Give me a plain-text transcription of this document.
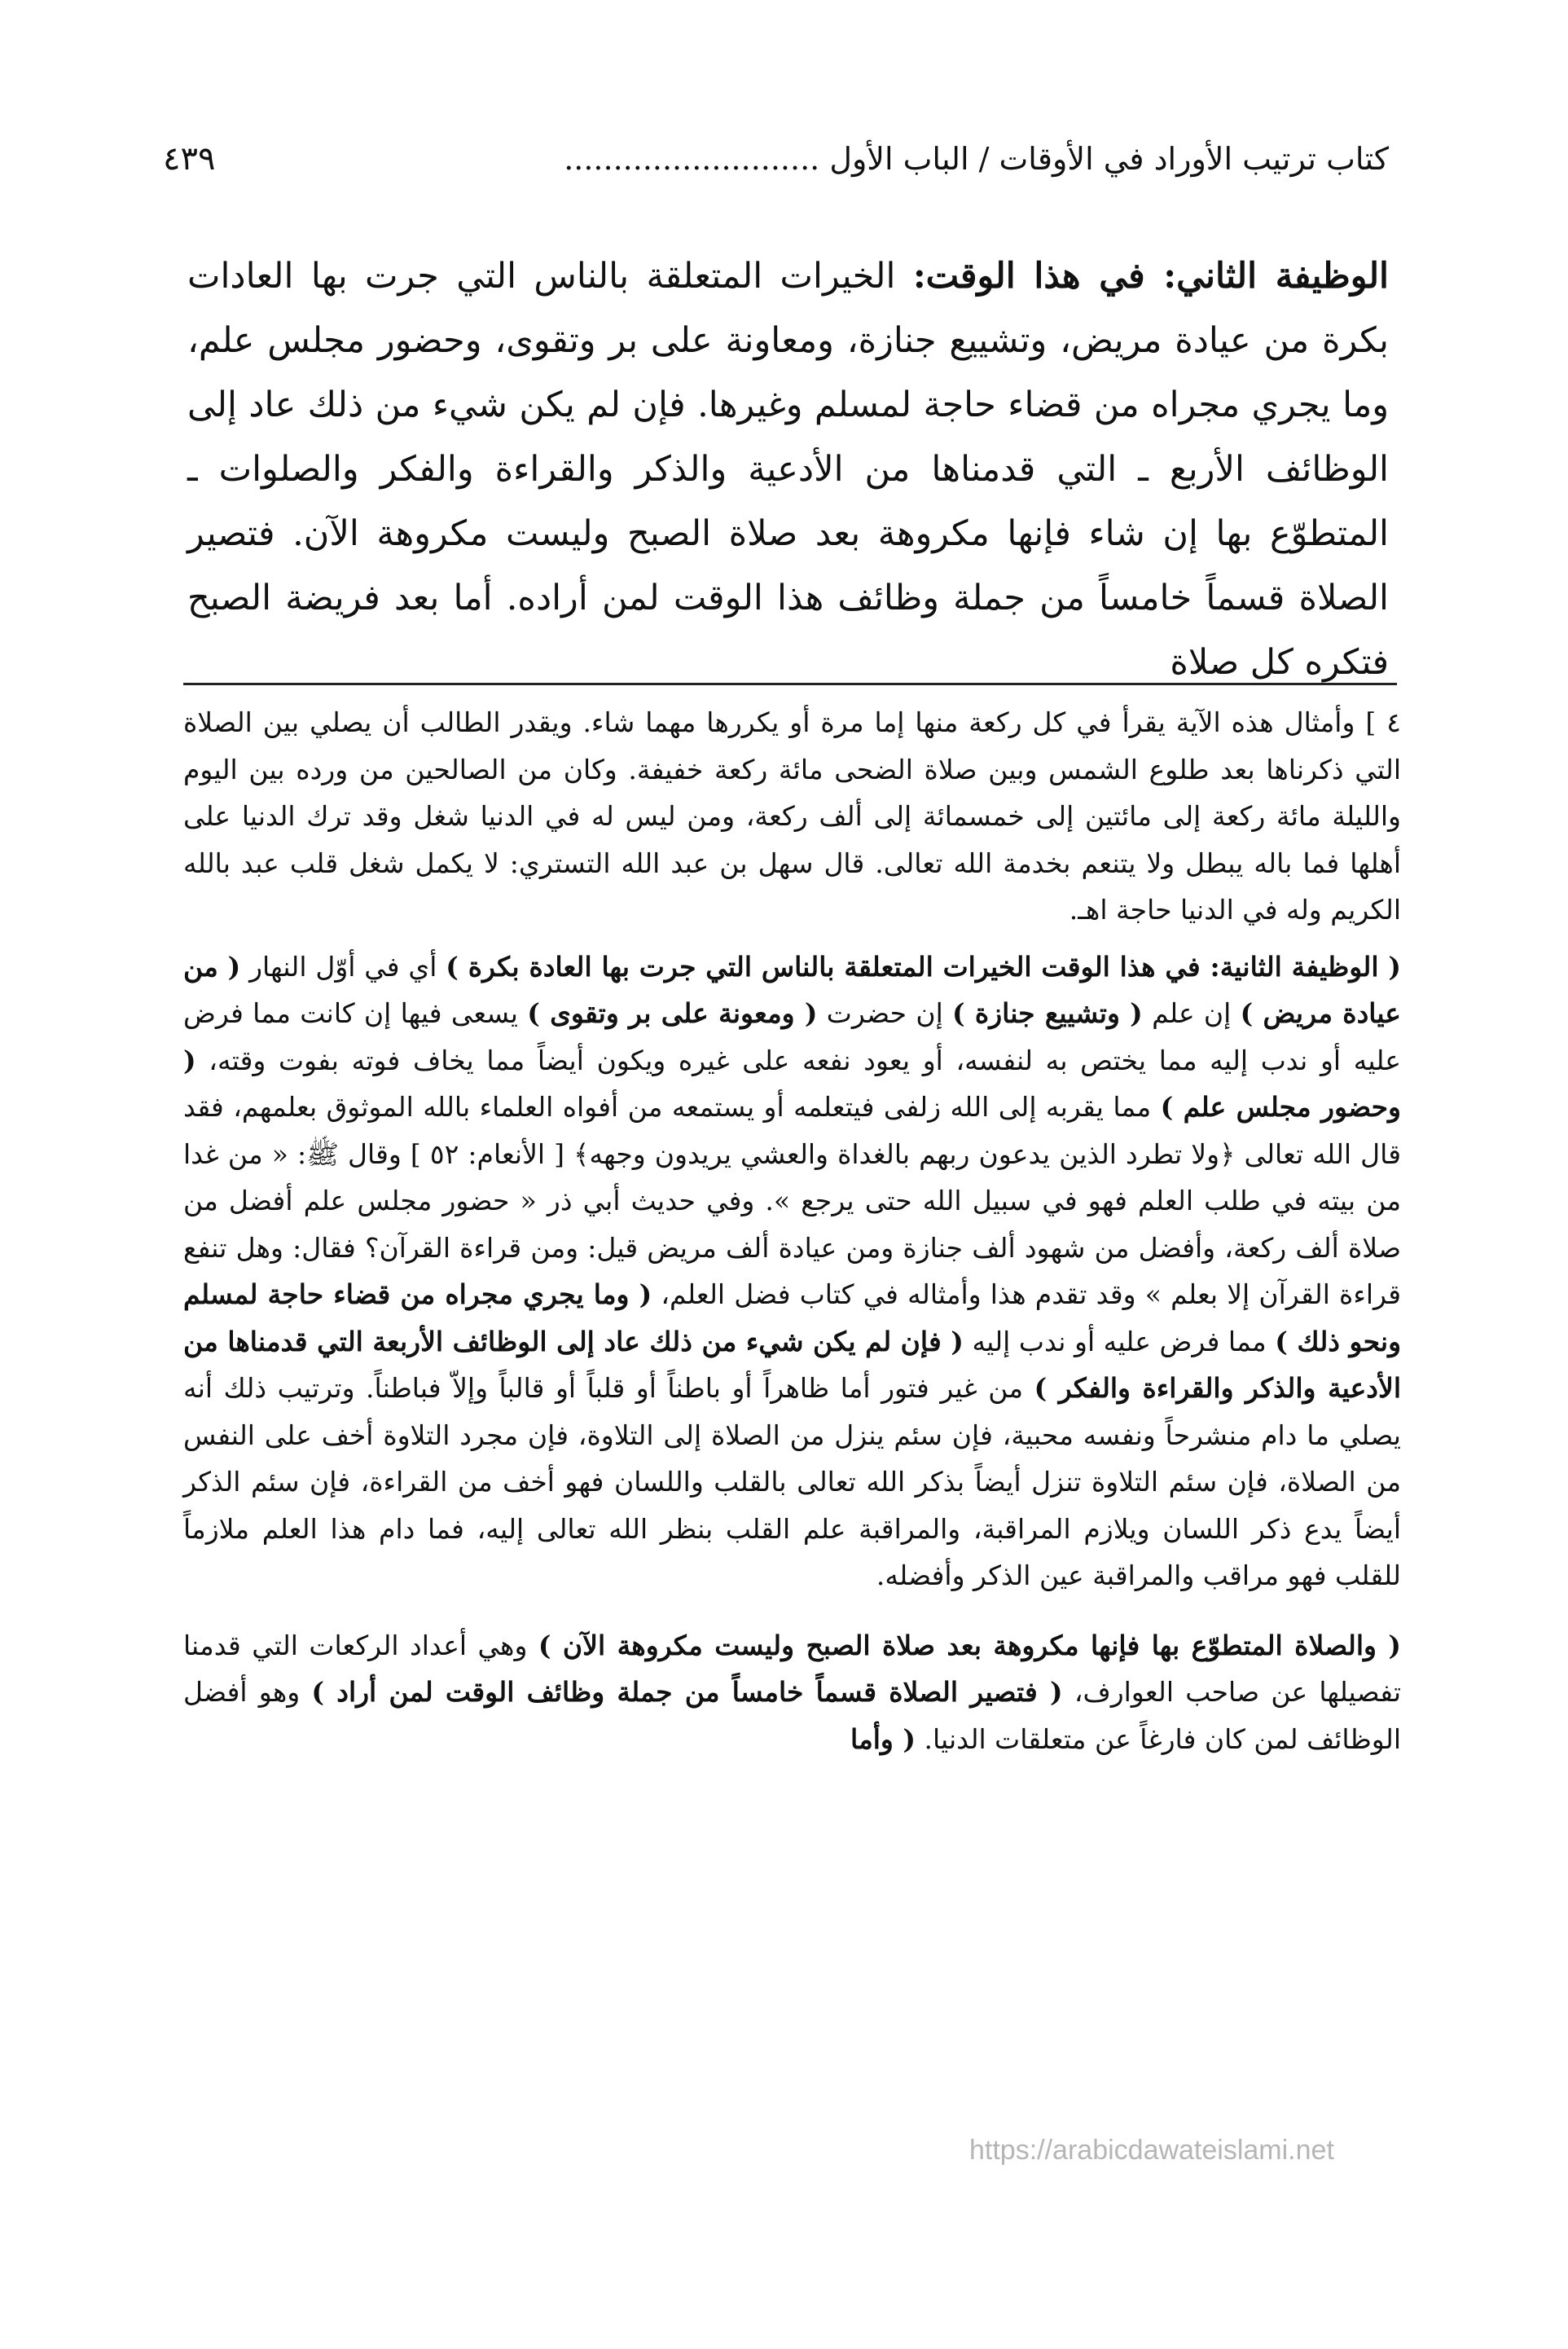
كتاب ترتيب الأوراد في الأوقات / الباب الأول ..........................
٤٣٩

الوظيفة الثاني: في هذا الوقت: الخيرات المتعلقة بالناس التي جرت بها العادات بكرة من عيادة مريض، وتشييع جنازة، ومعاونة على بر وتقوى، وحضور مجلس علم، وما يجري مجراه من قضاء حاجة لمسلم وغيرها. فإن لم يكن شيء من ذلك عاد إلى الوظائف الأربع ـ التي قدمناها من الأدعية والذكر والقراءة والفكر والصلوات ـ المتطوّع بها إن شاء فإنها مكروهة بعد صلاة الصبح وليست مكروهة الآن. فتصير الصلاة قسماً خامساً من جملة وظائف هذا الوقت لمن أراده. أما بعد فريضة الصبح فتكره كل صلاة

٤ ] وأمثال هذه الآية يقرأ في كل ركعة منها إما مرة أو يكررها مهما شاء. ويقدر الطالب أن يصلي بين الصلاة التي ذكرناها بعد طلوع الشمس وبين صلاة الضحى مائة ركعة خفيفة. وكان من الصالحين من ورده بين اليوم والليلة مائة ركعة إلى مائتين إلى خمسمائة إلى ألف ركعة، ومن ليس له في الدنيا شغل وقد ترك الدنيا على أهلها فما باله يبطل ولا يتنعم بخدمة الله تعالى. قال سهل بن عبد الله التستري: لا يكمل شغل قلب عبد بالله الكريم وله في الدنيا حاجة اهـ.

( الوظيفة الثانية: في هذا الوقت الخيرات المتعلقة بالناس التي جرت بها العادة بكرة ) أي في أوّل النهار ( من عيادة مريض ) إن علم ( وتشييع جنازة ) إن حضرت ( ومعونة على بر وتقوى ) يسعى فيها إن كانت مما فرض عليه أو ندب إليه مما يختص به لنفسه، أو يعود نفعه على غيره ويكون أيضاً مما يخاف فوته بفوت وقته، ( وحضور مجلس علم ) مما يقربه إلى الله زلفى فيتعلمه أو يستمعه من أفواه العلماء بالله الموثوق بعلمهم، فقد قال الله تعالى ﴿ولا تطرد الذين يدعون ربهم بالغداة والعشي يريدون وجهه﴾ [ الأنعام: ٥٢ ] وقال ﷺ: « من غدا من بيته في طلب العلم فهو في سبيل الله حتى يرجع ». وفي حديث أبي ذر « حضور مجلس علم أفضل من صلاة ألف ركعة، وأفضل من شهود ألف جنازة ومن عيادة ألف مريض قيل: ومن قراءة القرآن؟ فقال: وهل تنفع قراءة القرآن إلا بعلم » وقد تقدم هذا وأمثاله في كتاب فضل العلم، ( وما يجري مجراه من قضاء حاجة لمسلم ونحو ذلك ) مما فرض عليه أو ندب إليه ( فإن لم يكن شيء من ذلك عاد إلى الوظائف الأربعة التي قدمناها من الأدعية والذكر والقراءة والفكر ) من غير فتور أما ظاهراً أو باطناً أو قلباً أو قالباً وإلاّ فباطناً. وترتيب ذلك أنه يصلي ما دام منشرحاً ونفسه محبية، فإن سئم ينزل من الصلاة إلى التلاوة، فإن مجرد التلاوة أخف على النفس من الصلاة، فإن سئم التلاوة تنزل أيضاً بذكر الله تعالى بالقلب واللسان فهو أخف من القراءة، فإن سئم الذكر أيضاً يدع ذكر اللسان ويلازم المراقبة، والمراقبة علم القلب بنظر الله تعالى إليه، فما دام هذا العلم ملازماً للقلب فهو مراقب والمراقبة عين الذكر وأفضله.

( والصلاة المتطوّع بها فإنها مكروهة بعد صلاة الصبح وليست مكروهة الآن ) وهي أعداد الركعات التي قدمنا تفصيلها عن صاحب العوارف، ( فتصير الصلاة قسماً خامساً من جملة وظائف الوقت لمن أراد ) وهو أفضل الوظائف لمن كان فارغاً عن متعلقات الدنيا. ( وأما

https://arabicdawateislami.net
